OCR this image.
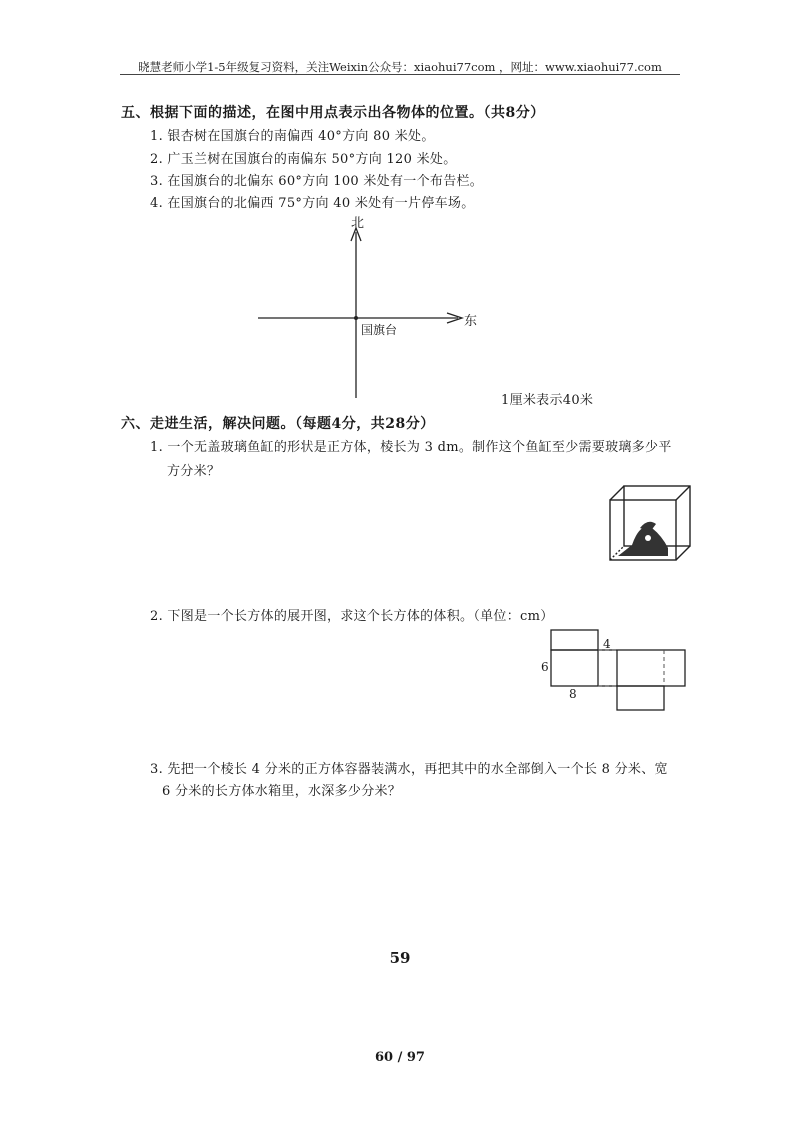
晓慧老师小学1-5年级复习资料，关注Weixin公众号：xiaohui77com ，网址：www.xiaohui77.com
五、根据下面的描述，在图中用点表示出各物体的位置。（共8分）
1. 银杏树在国旗台的南偏西 40°方向 80 米处。
2. 广玉兰树在国旗台的南偏东 50°方向 120 米处。
3. 在国旗台的北偏东 60°方向 100 米处有一个布告栏。
4. 在国旗台的北偏西 75°方向 40 米处有一片停车场。
北
东
国旗台
1厘米表示40米
六、走进生活，解决问题。（每题4分，共28分）
1. 一个无盖玻璃鱼缸的形状是正方体，棱长为 3 dm。制作这个鱼缸至少需要玻璃多少平
方分米？
2. 下图是一个长方体的展开图，求这个长方体的体积。（单位：cm）
4
6
8
3. 先把一个棱长 4 分米的正方体容器装满水，再把其中的水全部倒入一个长 8 分米、宽
6 分米的长方体水箱里，水深多少分米？
59
60 / 97
